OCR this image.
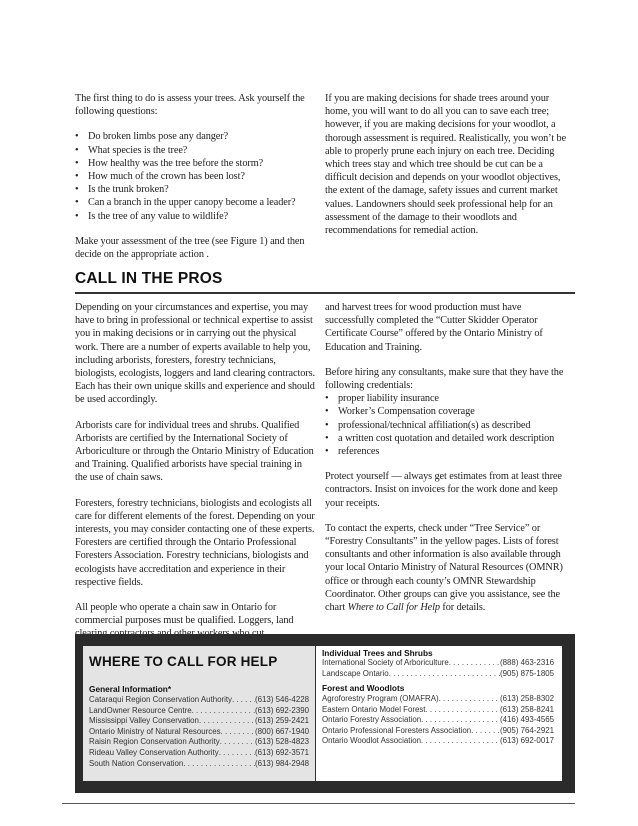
The first thing to do is assess your trees. Ask yourself the following questions:

• Do broken limbs pose any danger?
• What species is the tree?
• How healthy was the tree before the storm?
• How much of the crown has been lost?
• Is the trunk broken?
• Can a branch in the upper canopy become a leader?
• Is the tree of any value to wildlife?

Make your assessment of the tree (see Figure 1) and then decide on the appropriate action .

If you are making decisions for shade trees around your home, you will want to do all you can to save each tree; however, if you are making decisions for your woodlot, a thorough assessment is required. Realistically, you won’t be able to properly prune each injury on each tree. Deciding which trees stay and which tree should be cut can be a difficult decision and depends on your woodlot objectives, the extent of the damage, safety issues and current market values. Landowners should seek professional help for an assessment of the damage to their woodlots and recommendations for remedial action.

CALL IN THE PROS

Depending on your circumstances and expertise, you may have to bring in professional or technical expertise to assist you in making decisions or in carrying out the physical work. There are a number of experts available to help you, including arborists, foresters, forestry technicians, biologists, ecologists, loggers and land clearing contractors. Each has their own unique skills and experience and should be used accordingly.

Arborists care for individual trees and shrubs. Qualified Arborists are certified by the International Society of Arboriculture or through the Ontario Ministry of Education and Training. Qualified arborists have special training in the use of chain saws.

Foresters, forestry technicians, biologists and ecologists all care for different elements of the forest. Depending on your interests, you may consider contacting one of these experts. Foresters are certified through the Ontario Professional Foresters Association. Forestry technicians, biologists and ecologists have accreditation and experience in their respective fields.

All people who operate a chain saw in Ontario for commercial purposes must be qualified. Loggers, land

and harvest trees for wood production must have successfully completed the “Cutter Skidder Operator Certificate Course” offered by the Ontario Ministry of Education and Training.

Before hiring any consultants, make sure that they have the following credentials:

• proper liability insurance
• Worker’s Compensation coverage
• professional/technical affiliation(s) as described
• a written cost quotation and detailed work description
• references

Protect yourself — always get estimates from at least three contractors. Insist on invoices for the work done and keep your receipts.

To contact the experts, check under “Tree Service” or “Forestry Consultants” in the yellow pages. Lists of forest consultants and other information is also available through your local Ontario Ministry of Natural Resources (OMNR) office or through each county’s OMNR Stewardship Coordinator. Other groups can give you assistance, see the chart Where to Call for Help for details.

WHERE TO CALL FOR HELP

General Information*

Cataraqui Region Conservation Authority . . .	(613) 546-4228
LandOwner Resource Centre . . .	(613) 692-2390
Mississippi Valley Conservation . . .	(613) 259-2421
Ontario Ministry of Natural Resources . . .	(800) 667-1940
Raisin Region Conservation Authority . . .	(613) 528-4823
Rideau Valley Conservation Authority . . .	(613) 692-3571
South Nation Conservation . . .	(613) 984-2948

Individual Trees and Shrubs

International Society of Arboriculture . . .	(888) 463-2316
Landscape Ontario . . .	(905) 875-1805

Forest and Woodlots

Agroforestry Program (OMAFRA) . . .	(613) 258-8302
Eastern Ontario Model Forest . . .	(613) 258-8241
Ontario Forestry Association . . .	(416) 493-4565
Ontario Professional Foresters Association . . .	(905) 764-2921
Ontario Woodlot Association . . .	(613) 692-0017
